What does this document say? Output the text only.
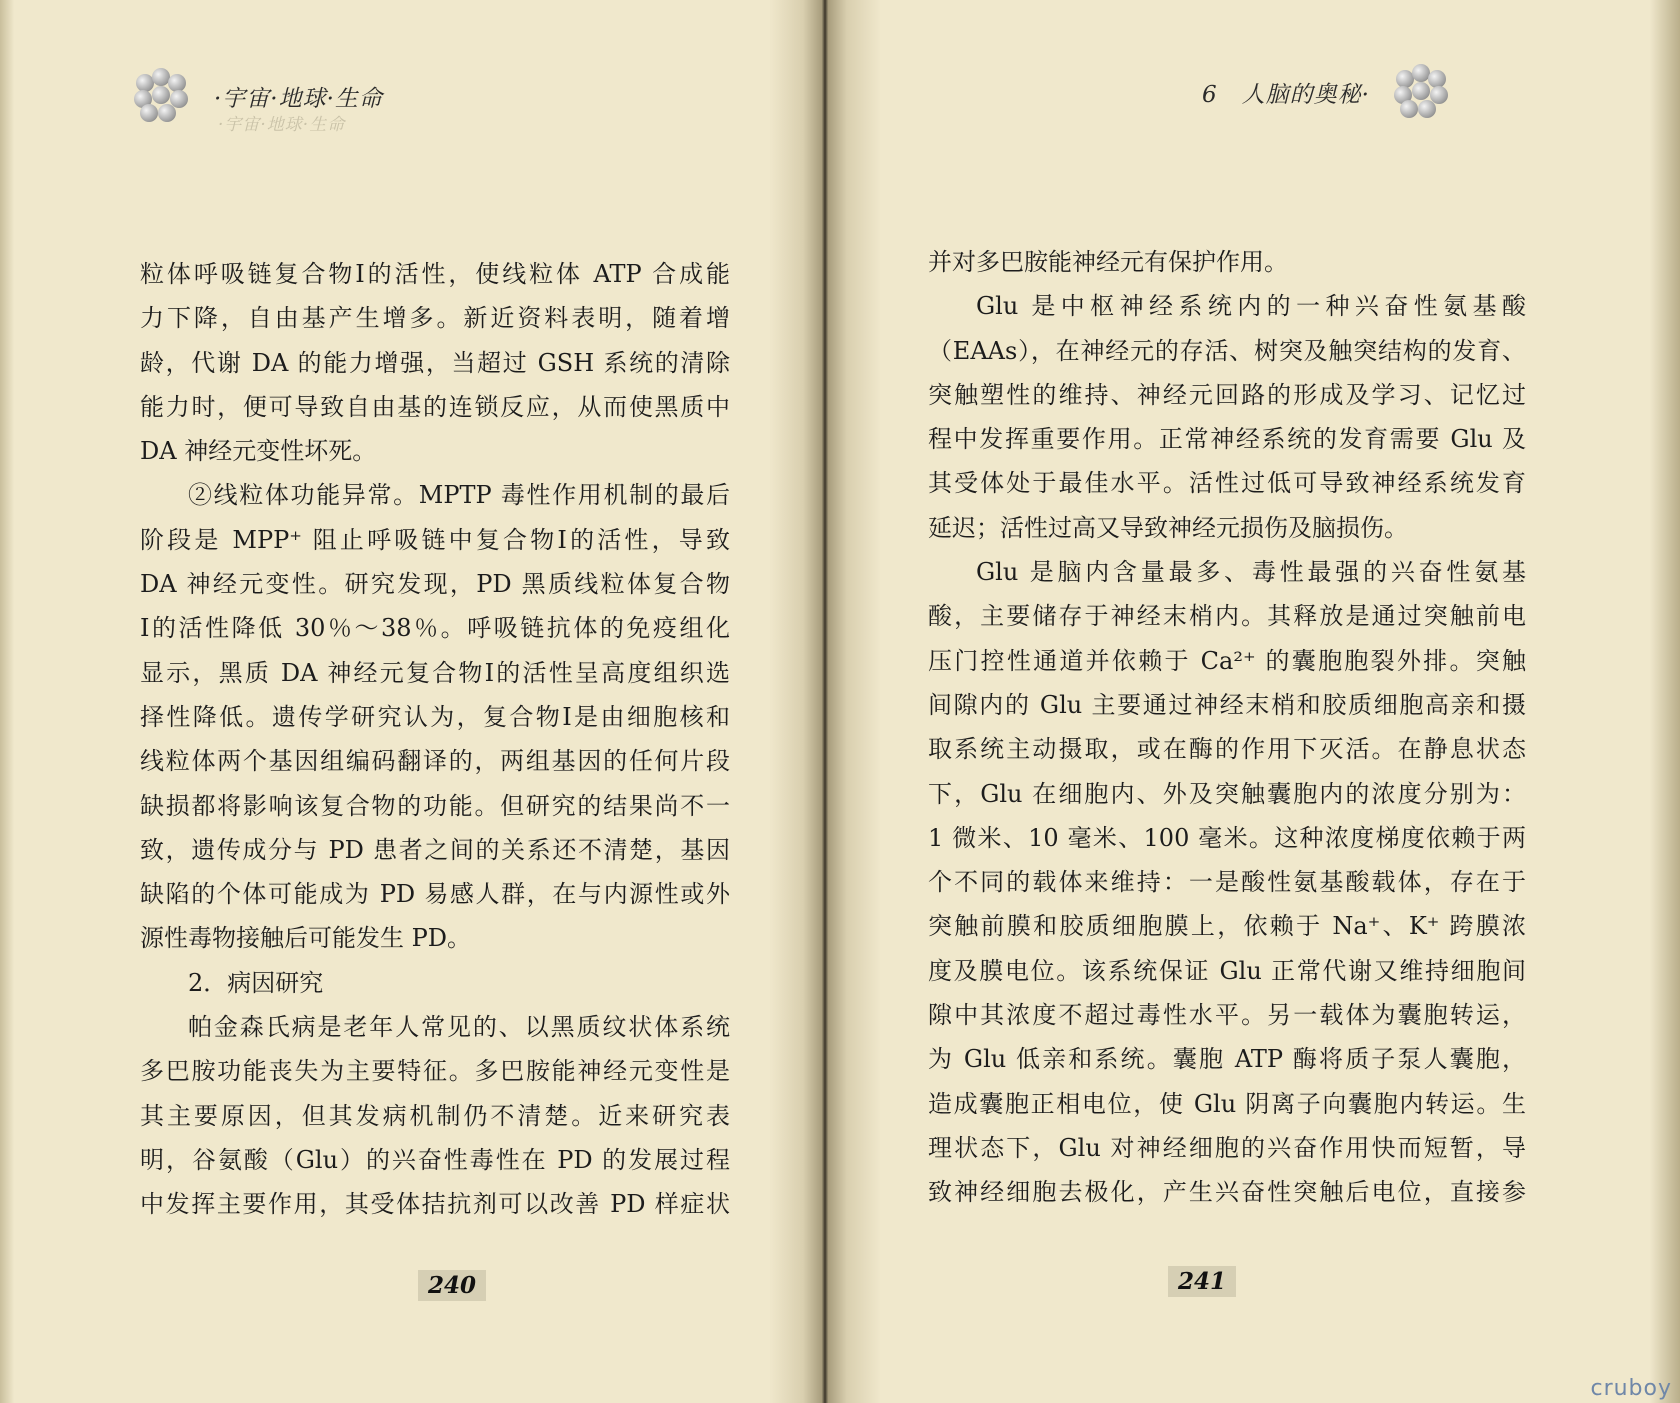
·宇宙·地球·生命
·宇宙·地球·生命
粒体呼吸链复合物Ⅰ的活性，使线粒体 ATP 合成能
力下降，自由基产生增多。新近资料表明，随着增
龄，代谢 DA 的能力增强，当超过 GSH 系统的清除
能力时，便可导致自由基的连锁反应，从而使黑质中
DA 神经元变性坏死。
②线粒体功能异常。MPTP 毒性作用机制的最后
阶段是 MPP⁺ 阻止呼吸链中复合物Ⅰ的活性，导致
DA 神经元变性。研究发现，PD 黑质线粒体复合物
Ⅰ的活性降低 30％～38％。呼吸链抗体的免疫组化
显示，黑质 DA 神经元复合物Ⅰ的活性呈高度组织选
择性降低。遗传学研究认为，复合物Ⅰ是由细胞核和
线粒体两个基因组编码翻译的，两组基因的任何片段
缺损都将影响该复合物的功能。但研究的结果尚不一
致，遗传成分与 PD 患者之间的关系还不清楚，基因
缺陷的个体可能成为 PD 易感人群，在与内源性或外
源性毒物接触后可能发生 PD。
2．病因研究
帕金森氏病是老年人常见的、以黑质纹状体系统
多巴胺功能丧失为主要特征。多巴胺能神经元变性是
其主要原因，但其发病机制仍不清楚。近来研究表
明，谷氨酸（Glu）的兴奋性毒性在 PD 的发展过程
中发挥主要作用，其受体拮抗剂可以改善 PD 样症状
240
6　人脑的奥秘·
并对多巴胺能神经元有保护作用。
Glu 是中枢神经系统内的一种兴奋性氨基酸
（EAAs），在神经元的存活、树突及触突结构的发育、
突触塑性的维持、神经元回路的形成及学习、记忆过
程中发挥重要作用。正常神经系统的发育需要 Glu 及
其受体处于最佳水平。活性过低可导致神经系统发育
延迟；活性过高又导致神经元损伤及脑损伤。
Glu 是脑内含量最多、毒性最强的兴奋性氨基
酸，主要储存于神经末梢内。其释放是通过突触前电
压门控性通道并依赖于 Ca²⁺ 的囊胞胞裂外排。突触
间隙内的 Glu 主要通过神经末梢和胶质细胞高亲和摄
取系统主动摄取，或在酶的作用下灭活。在静息状态
下，Glu 在细胞内、外及突触囊胞内的浓度分别为：
1 微米、10 毫米、100 毫米。这种浓度梯度依赖于两
个不同的载体来维持：一是酸性氨基酸载体，存在于
突触前膜和胶质细胞膜上，依赖于 Na⁺、K⁺ 跨膜浓
度及膜电位。该系统保证 Glu 正常代谢又维持细胞间
隙中其浓度不超过毒性水平。另一载体为囊胞转运，
为 Glu 低亲和系统。囊胞 ATP 酶将质子泵人囊胞，
造成囊胞正相电位，使 Glu 阴离子向囊胞内转运。生
理状态下，Glu 对神经细胞的兴奋作用快而短暂，导
致神经细胞去极化，产生兴奋性突触后电位，直接参
241
cruboy
